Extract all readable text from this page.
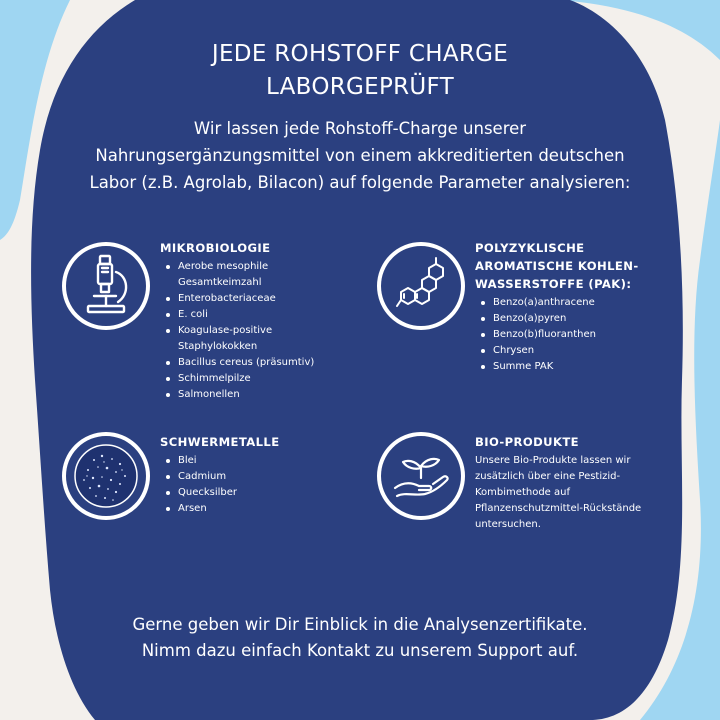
JEDE ROHSTOFF CHARGE
LABORGEPRÜFT
Wir lassen jede Rohstoff-Charge unserer
Nahrungsergänzungsmittel von einem akkreditierten deutschen
Labor (z.B. Agrolab, Bilacon) auf folgende Parameter analysieren:
MIKROBIOLOGIE
Aerobe mesophile
Gesamtkeimzahl
Enterobacteriaceae
E. coli
Koagulase-positive
Staphylokokken
Bacillus cereus (präsumtiv)
Schimmelpilze
Salmonellen
POLYZYKLISCHE
AROMATISCHE KOHLEN-
WASSERSTOFFE (PAK):
Benzo(a)anthracene
Benzo(a)pyren
Benzo(b)fluoranthen
Chrysen
Summe PAK
SCHWERMETALLE
Blei
Cadmium
Quecksilber
Arsen
BIO-PRODUKTE
Unsere Bio-Produkte lassen wir
zusätzlich über eine Pestizid-
Kombimethode auf
Pflanzenschutzmittel-Rückstände
untersuchen.
Gerne geben wir Dir Einblick in die Analysenzertifikate.
Nimm dazu einfach Kontakt zu unserem Support auf.
